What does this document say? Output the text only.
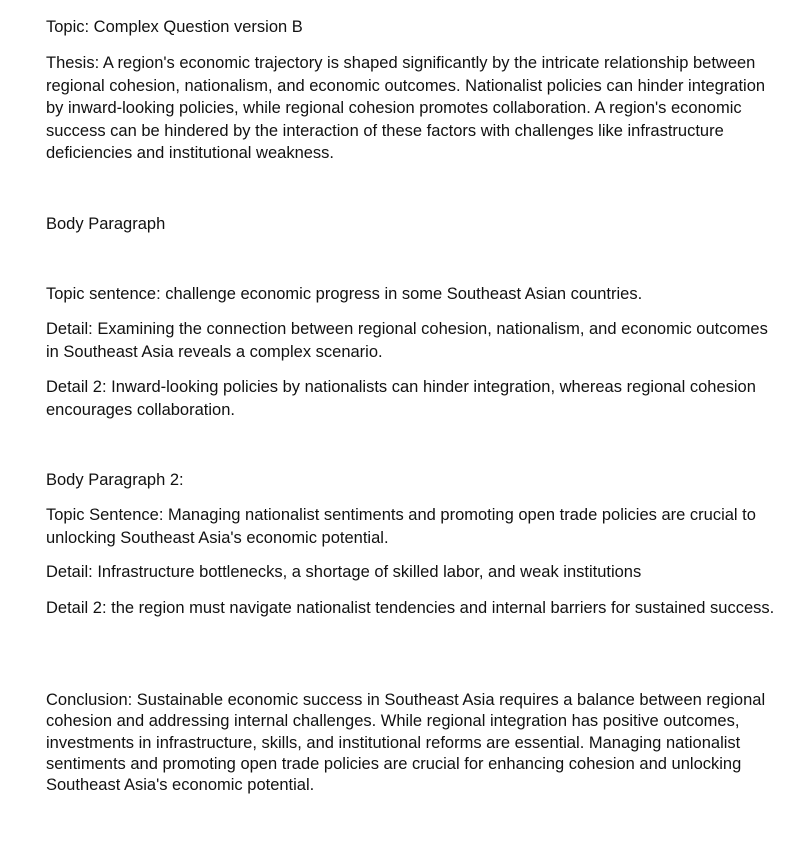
Topic: Complex Question version B

Thesis: A region's economic trajectory is shaped significantly by the intricate relationship between regional cohesion, nationalism, and economic outcomes. Nationalist policies can hinder integration by inward-looking policies, while regional cohesion promotes collaboration. A region's economic success can be hindered by the interaction of these factors with challenges like infrastructure deficiencies and institutional weakness.

Body Paragraph

Topic sentence: challenge economic progress in some Southeast Asian countries.

Detail: Examining the connection between regional cohesion, nationalism, and economic outcomes in Southeast Asia reveals a complex scenario.

Detail 2: Inward-looking policies by nationalists can hinder integration, whereas regional cohesion encourages collaboration.

Body Paragraph 2:

Topic Sentence: Managing nationalist sentiments and promoting open trade policies are crucial to unlocking Southeast Asia's economic potential.

Detail: Infrastructure bottlenecks, a shortage of skilled labor, and weak institutions

Detail 2: the region must navigate nationalist tendencies and internal barriers for sustained success.

Conclusion: Sustainable economic success in Southeast Asia requires a balance between regional cohesion and addressing internal challenges. While regional integration has positive outcomes, investments in infrastructure, skills, and institutional reforms are essential. Managing nationalist sentiments and promoting open trade policies are crucial for enhancing cohesion and unlocking Southeast Asia's economic potential.
